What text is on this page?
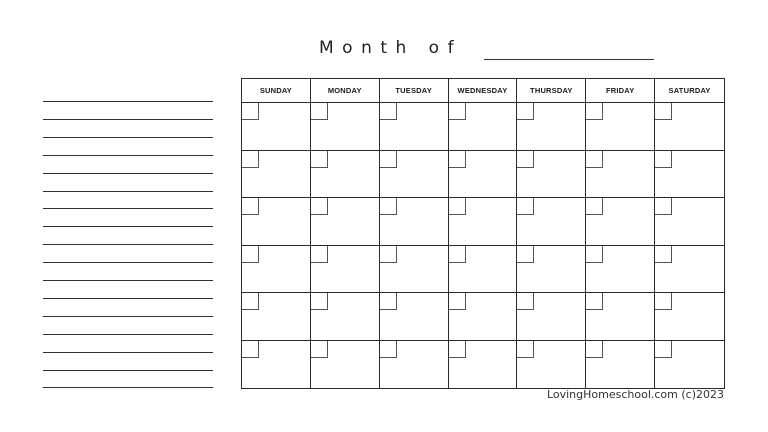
Month of
SUNDAY	MONDAY	TUESDAY	WEDNESDAY	THURSDAY	FRIDAY	SATURDAY
LovingHomeschool.com (c)2023
